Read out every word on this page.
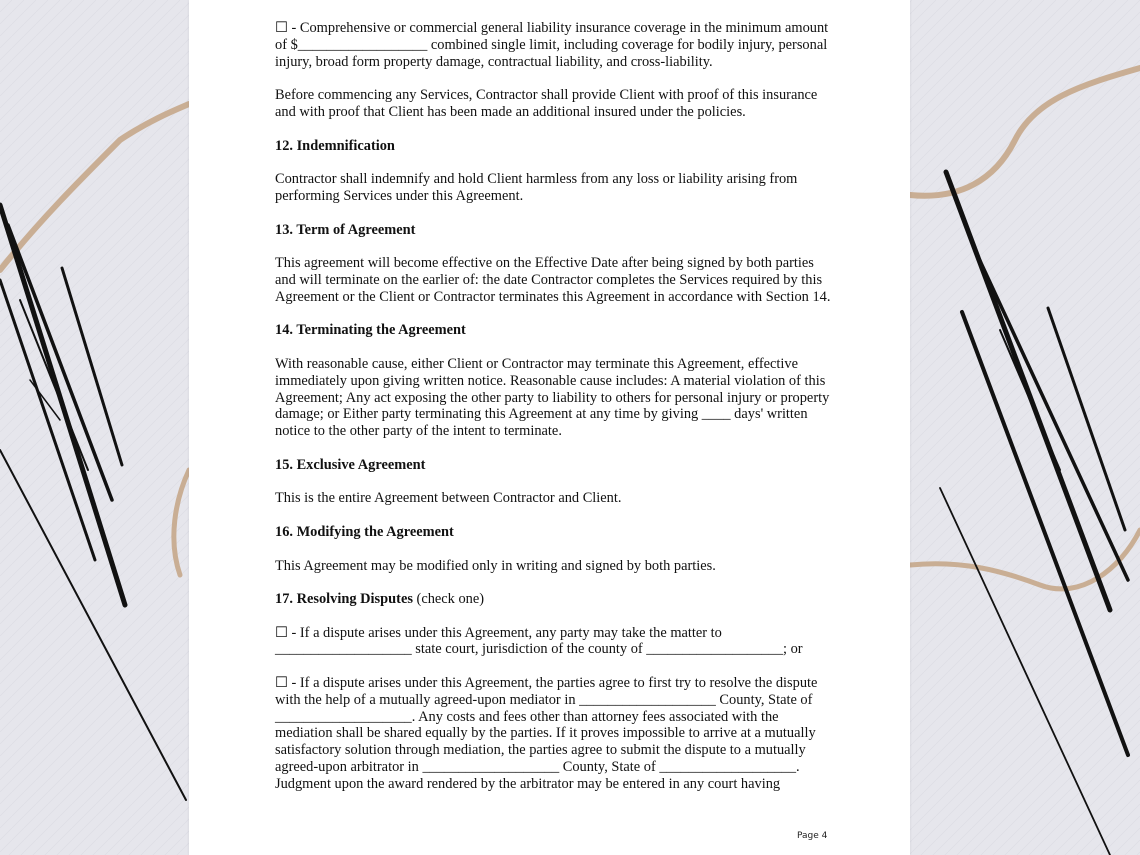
☐ - Comprehensive or commercial general liability insurance coverage in the minimum amount
of $__________________ combined single limit, including coverage for bodily injury, personal
injury, broad form property damage, contractual liability, and cross-liability.
Before commencing any Services, Contractor shall provide Client with proof of this insurance
and with proof that Client has been made an additional insured under the policies.
12. Indemnification
Contractor shall indemnify and hold Client harmless from any loss or liability arising from
performing Services under this Agreement.
13. Term of Agreement
This agreement will become effective on the Effective Date after being signed by both parties
and will terminate on the earlier of: the date Contractor completes the Services required by this
Agreement or the Client or Contractor terminates this Agreement in accordance with Section 14.
14. Terminating the Agreement
With reasonable cause, either Client or Contractor may terminate this Agreement, effective
immediately upon giving written notice. Reasonable cause includes: A material violation of this
Agreement; Any act exposing the other party to liability to others for personal injury or property
damage; or Either party terminating this Agreement at any time by giving ____ days' written
notice to the other party of the intent to terminate.
15. Exclusive Agreement
This is the entire Agreement between Contractor and Client.
16. Modifying the Agreement
This Agreement may be modified only in writing and signed by both parties.
17. Resolving Disputes (check one)
☐ - If a dispute arises under this Agreement, any party may take the matter to
___________________ state court, jurisdiction of the county of ___________________; or
☐ - If a dispute arises under this Agreement, the parties agree to first try to resolve the dispute
with the help of a mutually agreed-upon mediator in ___________________ County, State of
___________________. Any costs and fees other than attorney fees associated with the
mediation shall be shared equally by the parties. If it proves impossible to arrive at a mutually
satisfactory solution through mediation, the parties agree to submit the dispute to a mutually
agreed-upon arbitrator in ___________________ County, State of ___________________.
Judgment upon the award rendered by the arbitrator may be entered in any court having
Page 4
